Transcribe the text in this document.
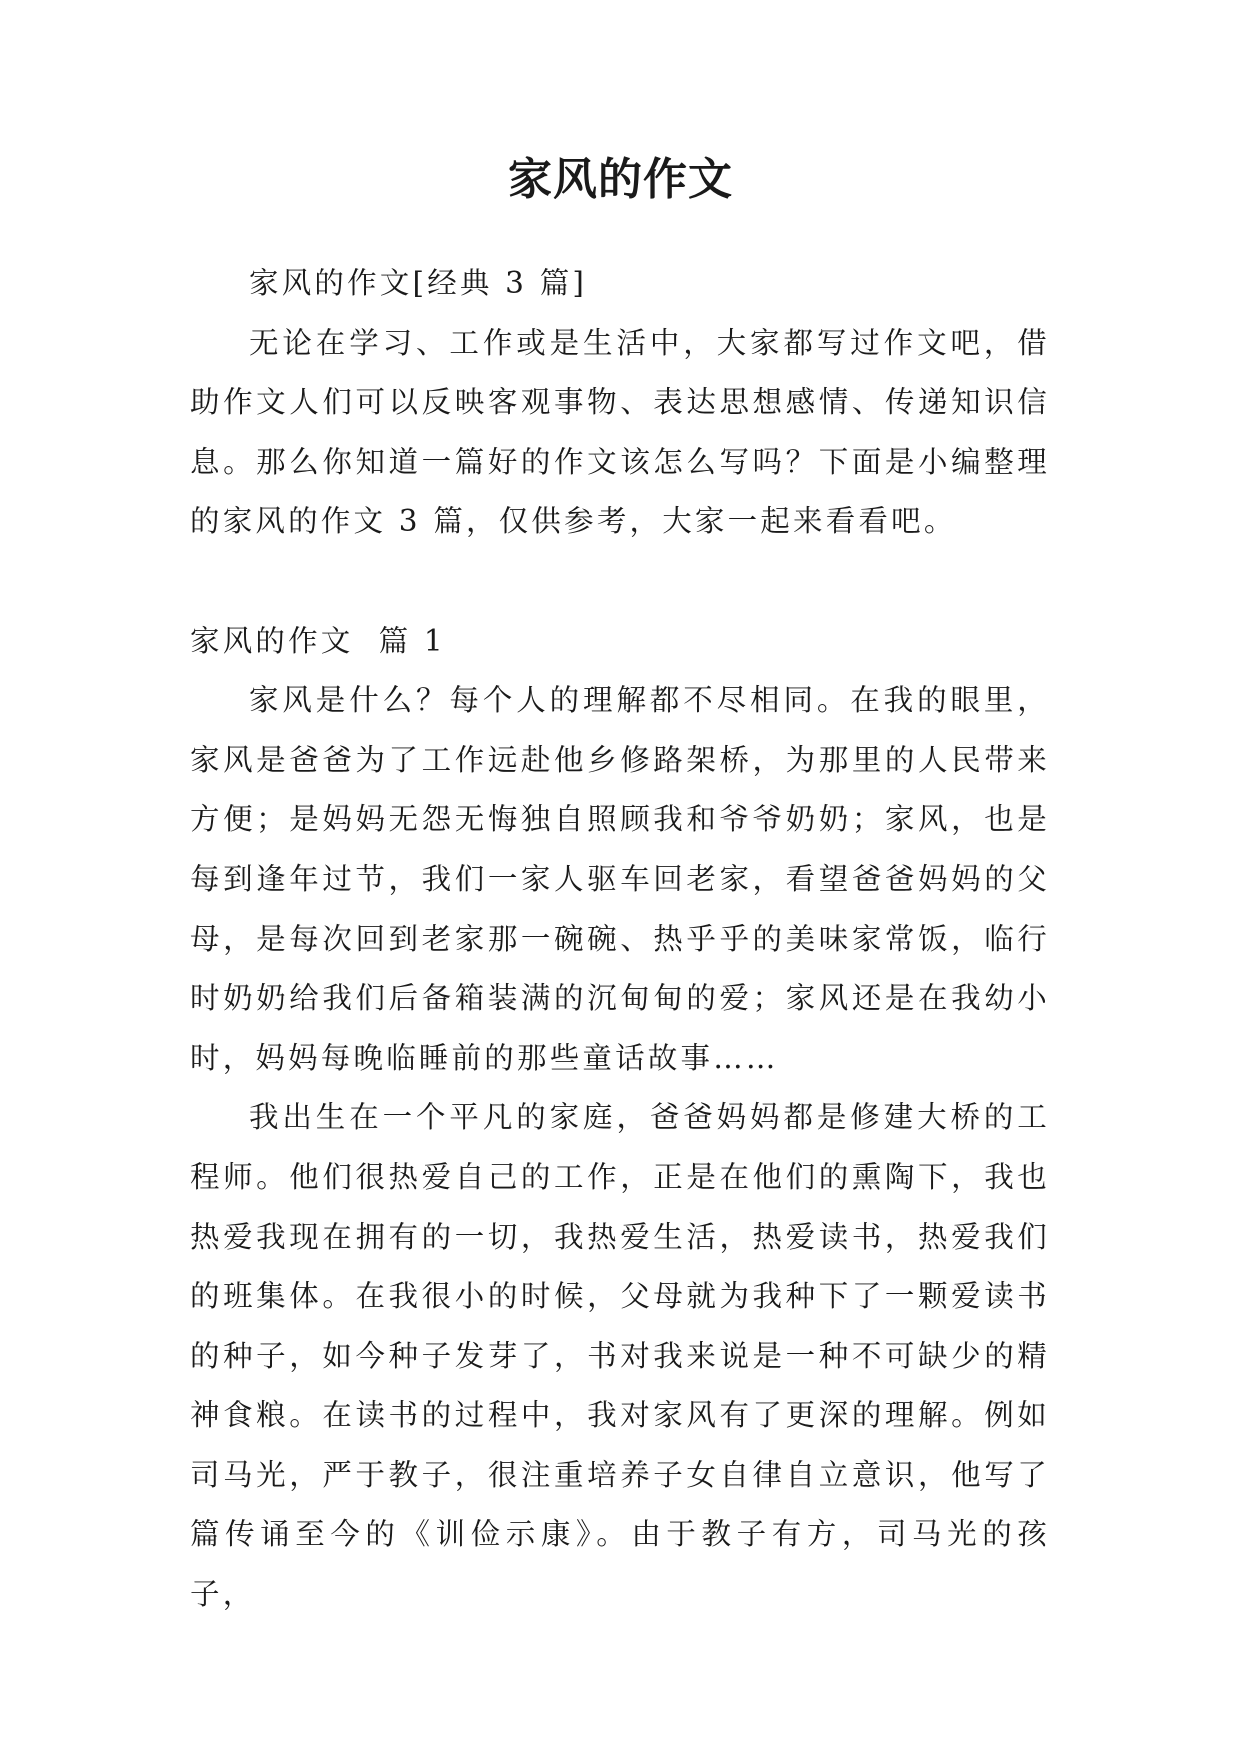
家风的作文

家风的作文[经典 3 篇]

无论在学习、工作或是生活中，大家都写过作文吧，借助作文人们可以反映客观事物、表达思想感情、传递知识信息。那么你知道一篇好的作文该怎么写吗？下面是小编整理的家风的作文 3 篇，仅供参考，大家一起来看看吧。

家风的作文  篇 1

家风是什么？每个人的理解都不尽相同。在我的眼里，家风是爸爸为了工作远赴他乡修路架桥，为那里的人民带来方便；是妈妈无怨无悔独自照顾我和爷爷奶奶；家风，也是每到逢年过节，我们一家人驱车回老家，看望爸爸妈妈的父母，是每次回到老家那一碗碗、热乎乎的美味家常饭，临行时奶奶给我们后备箱装满的沉甸甸的爱；家风还是在我幼小时，妈妈每晚临睡前的那些童话故事……

我出生在一个平凡的家庭，爸爸妈妈都是修建大桥的工程师。他们很热爱自己的工作，正是在他们的熏陶下，我也热爱我现在拥有的一切，我热爱生活，热爱读书，热爱我们的班集体。在我很小的时候，父母就为我种下了一颗爱读书的种子，如今种子发芽了，书对我来说是一种不可缺少的精神食粮。在读书的过程中，我对家风有了更深的理解。例如司马光，严于教子，很注重培养子女自律自立意识，他写了篇传诵至今的《训俭示康》。由于教子有方，司马光的孩子，
